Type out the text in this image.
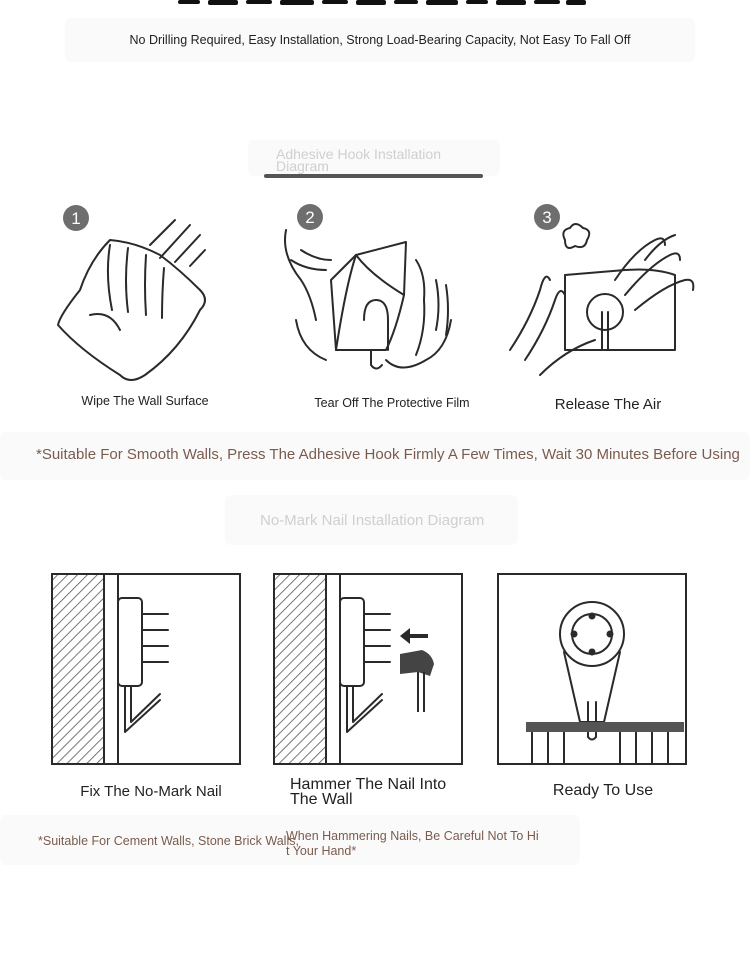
No Drilling Required, Easy Installation, Strong Load-Bearing Capacity, Not Easy To Fall Off
Adhesive Hook Installation Diagram
1
Wipe The Wall Surface
2
Tear Off The Protective Film
3
Release The Air
*Suitable For Smooth Walls, Press The Adhesive Hook Firmly A Few Times, Wait 30 Minutes Before Using
No-Mark Nail Installation Diagram
Fix The No-Mark Nail	Hammer The Nail Into The Wall
Ready To Use
*Suitable For Cement Walls, Stone Brick Walls,
When Hammering Nails, Be Careful Not To Hit Your Hand*
